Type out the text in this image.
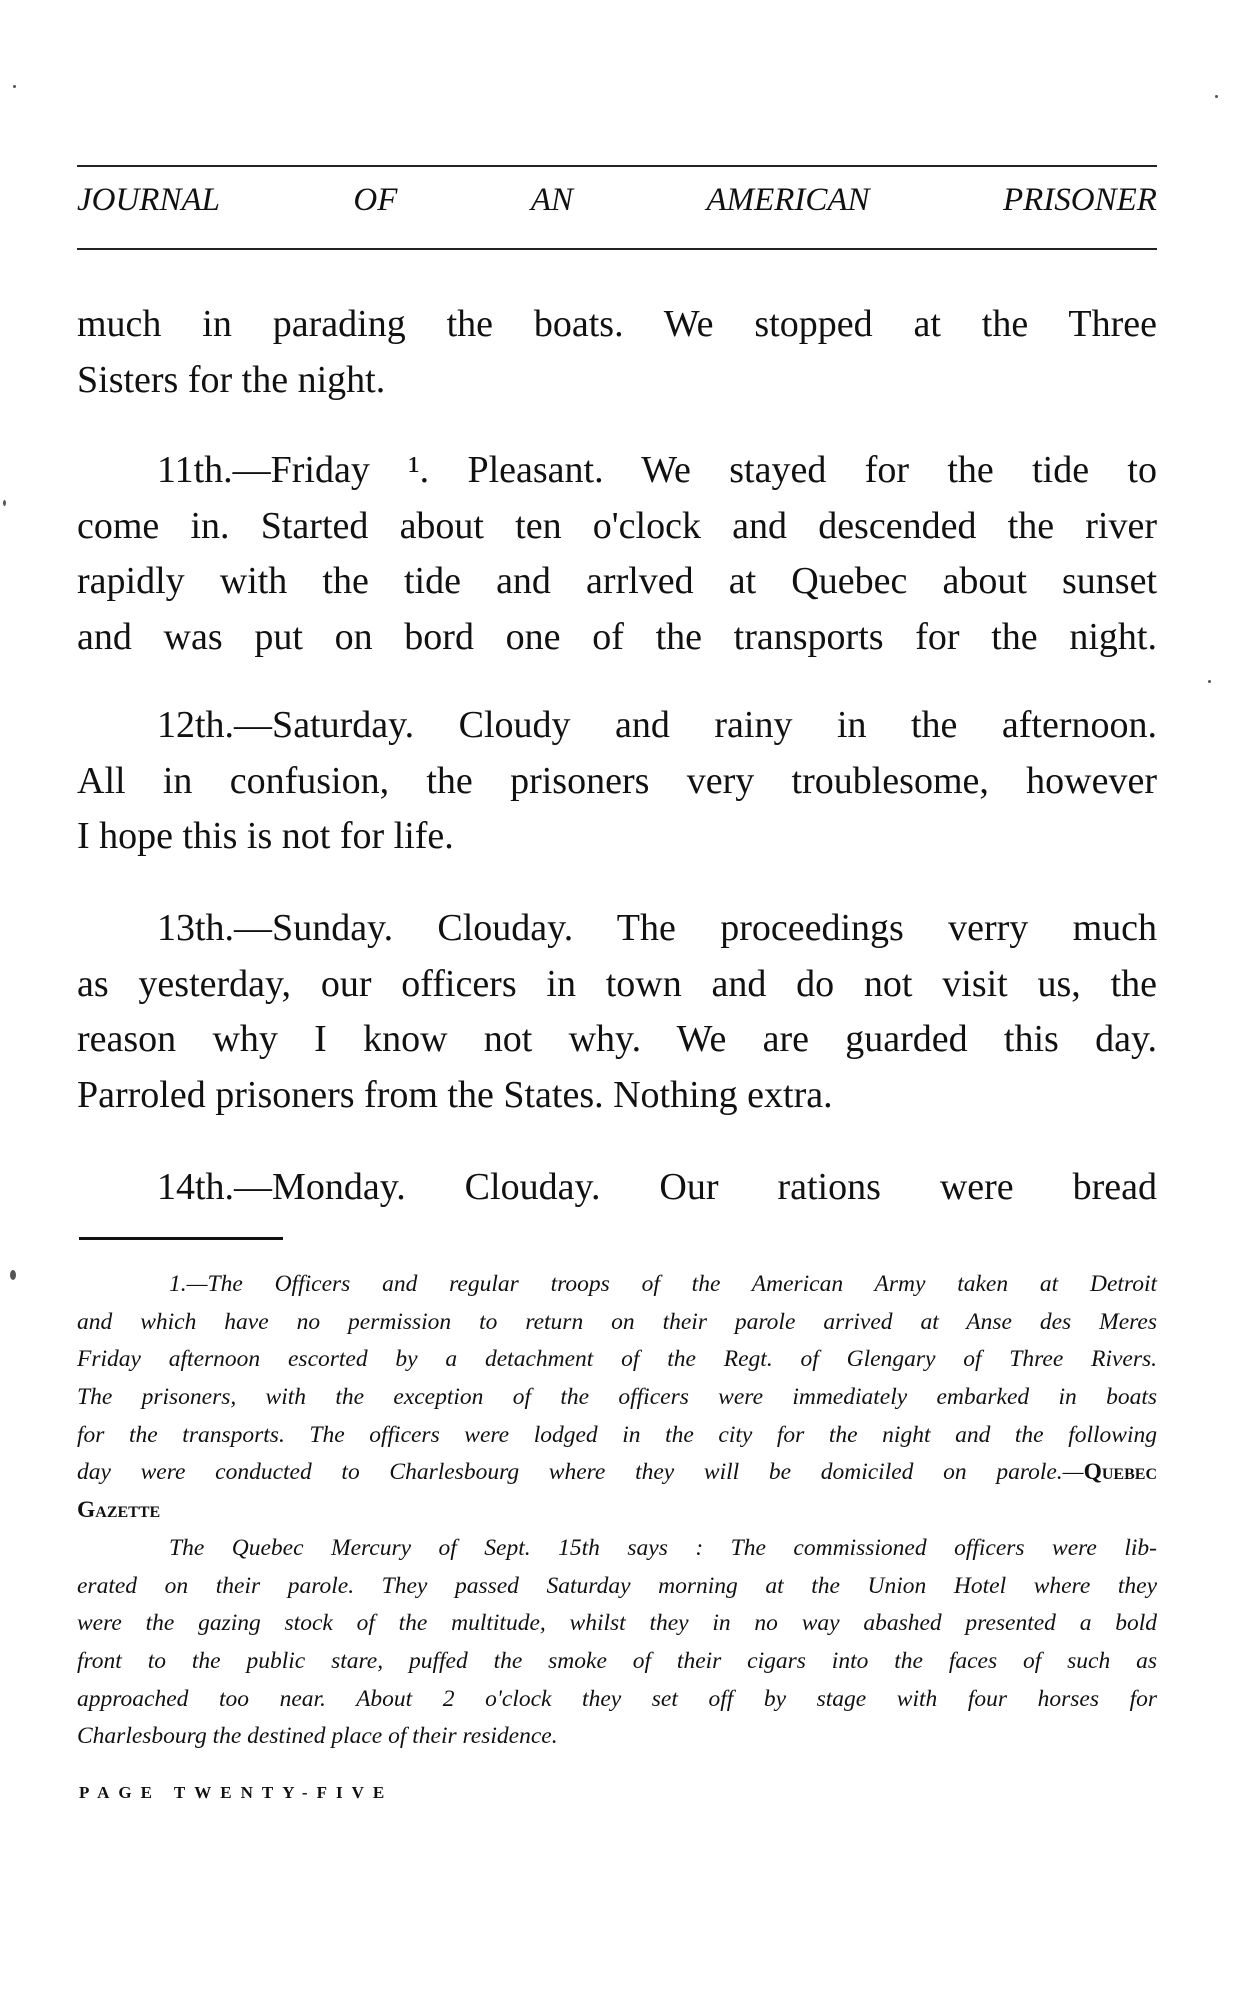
JOURNAL	OF	AN	AMERICAN	PRISONER
much in parading the boats. We stopped at the Three
Sisters for the night.
11th.—Friday ¹. Pleasant. We stayed for the tide to
come in. Started about ten o'clock and descended the river
rapidly with the tide and arrlved at Quebec about sunset
and was put on bord one of the transports for the night.
12th.—Saturday. Cloudy and rainy in the afternoon.
All in confusion, the prisoners very troublesome, however
I hope this is not for life.
13th.—Sunday. Clouday. The proceedings verry much
as yesterday, our officers in town and do not visit us, the
reason why I know not why. We are guarded this day.
Parroled prisoners from the States. Nothing extra.
14th.—Monday. Clouday. Our rations were bread
1.—The Officers and regular troops of the American Army taken at Detroit
and which have no permission to return on their parole arrived at Anse des Meres
Friday afternoon escorted by a detachment of the Regt. of Glengary of Three Rivers.
The prisoners, with the exception of the officers were immediately embarked in boats
for the transports. The officers were lodged in the city for the night and the following
day were conducted to Charlesbourg where they will be domiciled on parole.—Quebec
Gazette
The Quebec Mercury of Sept. 15th says : The commissioned officers were lib-
erated on their parole. They passed Saturday morning at the Union Hotel where they
were the gazing stock of the multitude, whilst they in no way abashed presented a bold
front to the public stare, puffed the smoke of their cigars into the faces of such as
approached too near. About 2 o'clock they set off by stage with four horses for
Charlesbourg the destined place of their residence.
PAGE TWENTY-FIVE
